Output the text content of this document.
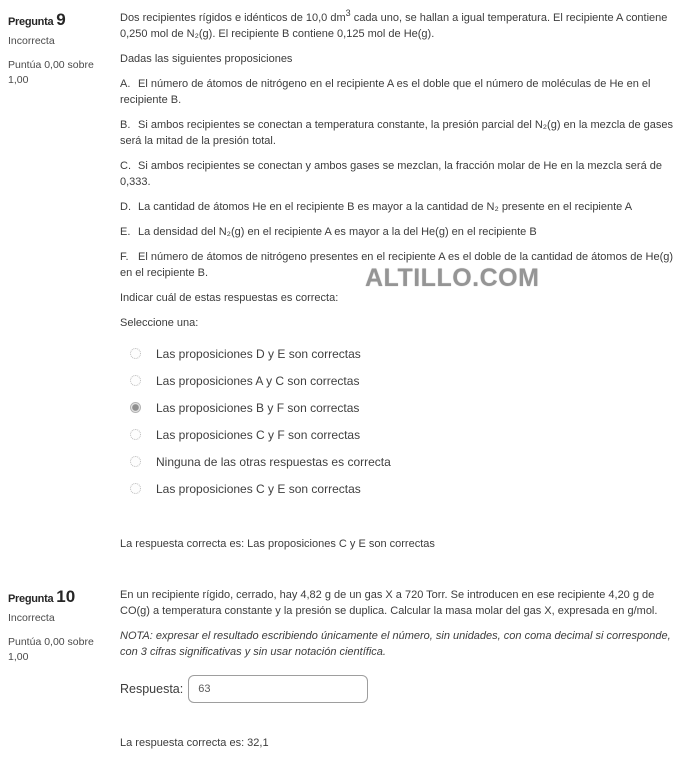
Pregunta 9
Incorrecta
Puntúa 0,00 sobre 1,00

Dos recipientes rígidos e idénticos de 10,0 $dm^3$ cada uno, se hallan a igual temperatura. El recipiente A contiene 0,250 mol de N₂(g). El recipiente B contiene 0,125 mol de He(g).

Dadas las siguientes proposiciones

A. El número de átomos de nitrógeno en el recipiente A es el doble que el número de moléculas de He en el recipiente B.

B. Si ambos recipientes se conectan a temperatura constante, la presión parcial del N₂(g) en la mezcla de gases será la mitad de la presión total.

C. Si ambos recipientes se conectan y ambos gases se mezclan, la fracción molar de He en la mezcla será de 0,333.

D. La cantidad de átomos He en el recipiente B es mayor a la cantidad de N₂ presente en el recipiente A

E. La densidad del N₂(g) en el recipiente A es mayor a la del He(g) en el recipiente B

F. El número de átomos de nitrógeno presentes en el recipiente A es el doble de la cantidad de átomos de He(g) en el recipiente B.

Indicar cuál de estas respuestas es correcta:

ALTILLO.COM

Seleccione una:

Las proposiciones D y E son correctas
Las proposiciones A y C son correctas
Las proposiciones B y F son correctas
Las proposiciones C y F son correctas
Ninguna de las otras respuestas es correcta
Las proposiciones C y E son correctas

La respuesta correcta es: Las proposiciones C y E son correctas

Pregunta 10
Incorrecta
Puntúa 0,00 sobre 1,00

En un recipiente rígido, cerrado, hay 4,82 g de un gas X a 720 Torr. Se introducen en ese recipiente 4,20 g de CO(g) a temperatura constante y la presión se duplica. Calcular la masa molar del gas X, expresada en g/mol.

NOTA: expresar el resultado escribiendo únicamente el número, sin unidades, con coma decimal si corresponde, con 3 cifras significativas y sin usar notación científica.

Respuesta:
63

La respuesta correcta es: 32,1
